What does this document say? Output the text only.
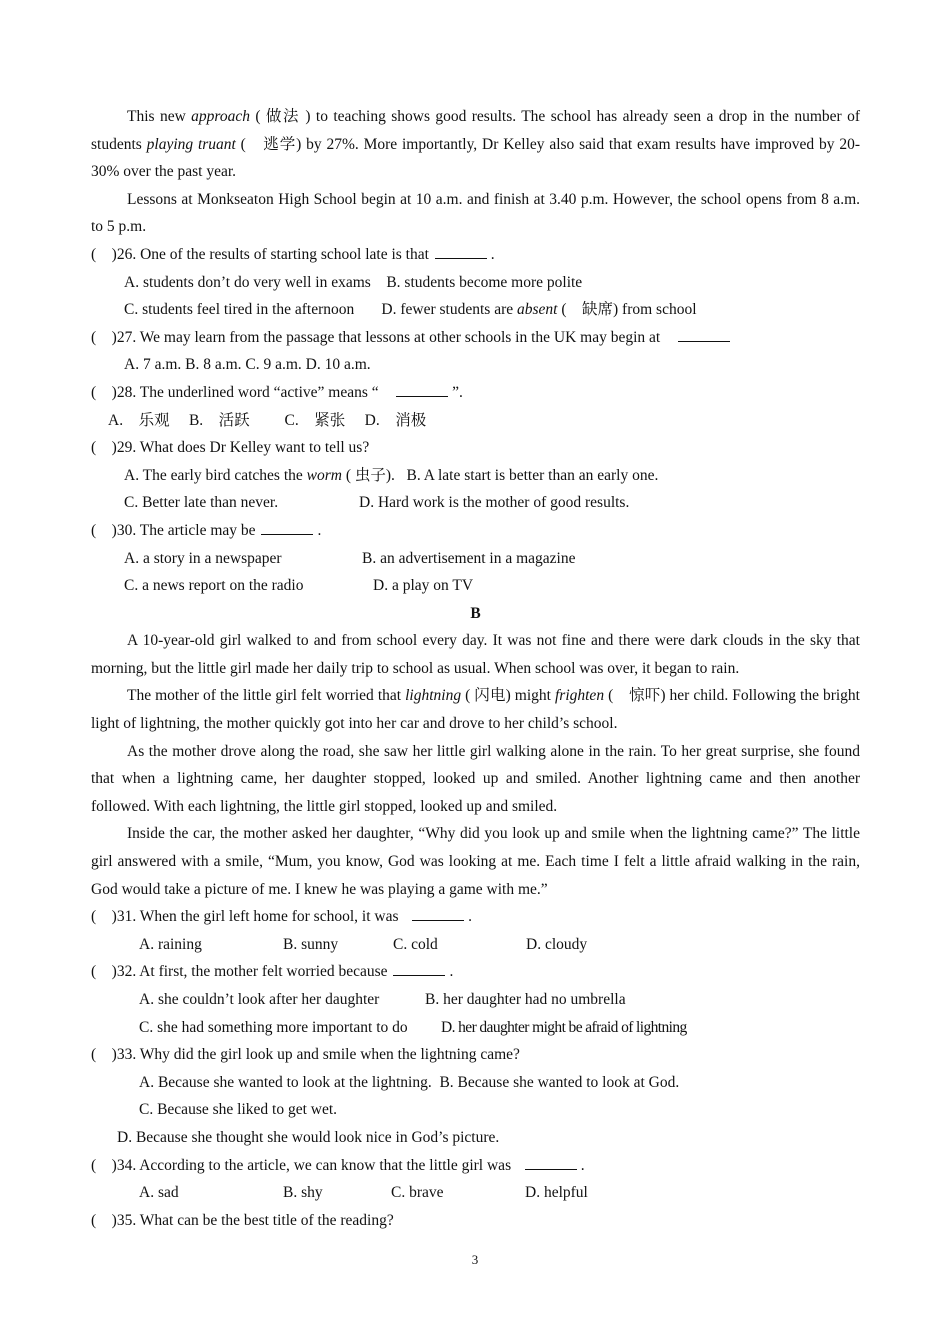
This new approach ( 做法 ) to teaching shows good results. The school has already seen a drop in the number of students playing truant (　逃学) by 27%. More importantly, Dr Kelley also said that exam results have improved by 20-30% over the past year.

Lessons at Monkseaton High School begin at 10 a.m. and finish at 3.40 p.m. However, the school opens from 8 a.m. to 5 p.m.

(　)26. One of the results of starting school late is that	.

A. students don’t do very well in exams B. students become more polite

C. students feel tired in the afternoon D. fewer students are absent (　缺席) from school

(　)27. We may learn from the passage that lessons at other schools in the UK may begin at

A. 7 a.m. B. 8 a.m. C. 9 a.m. D. 10 a.m.

(　)28. The underlined word “active” means “	”.

A.　乐观 B.　活跃 C.　紧张 D.　消极

(　)29. What does Dr Kelley want to tell us?

A. The early bird catches the worm ( 虫子). B. A late start is better than an early one.

C. Better late than never.	D. Hard work is the mother of good results.

(　)30. The article may be	.

A. a story in a newspaper	B. an advertisement in a magazine

C. a news report on the radio	D. a play on TV

B

A 10-year-old girl walked to and from school every day. It was not fine and there were dark clouds in the sky that morning, but the little girl made her daily trip to school as usual. When school was over, it began to rain.

The mother of the little girl felt worried that lightning ( 闪电) might frighten (　惊吓) her child. Following the bright light of lightning, the mother quickly got into her car and drove to her child’s school.

As the mother drove along the road, she saw her little girl walking alone in the rain. To her great surprise, she found that when a lightning came, her daughter stopped, looked up and smiled. Another lightning came and then another followed. With each lightning, the little girl stopped, looked up and smiled.

Inside the car, the mother asked her daughter, “Why did you look up and smile when the lightning came?” The little girl answered with a smile, “Mum, you know, God was looking at me. Each time I felt a little afraid walking in the rain, God would take a picture of me. I knew he was playing a game with me.”

(　)31. When the girl left home for school, it was	.

A. raining	B. sunny	C. cold	D. cloudy

(　)32. At first, the mother felt worried because	.

A. she couldn’t look after her daughter	B. her daughter had no umbrella

C. she had something more important to do D. her daughter might be afraid of lightning

(　)33. Why did the girl look up and smile when the lightning came?

A. Because she wanted to look at the lightning. B. Because she wanted to look at God.

C. Because she liked to get wet.

D. Because she thought she would look nice in God’s picture.

(　)34. According to the article, we can know that the little girl was	.

A. sad	B. shy	C. brave	D. helpful

(　)35. What can be the best title of the reading?

3
